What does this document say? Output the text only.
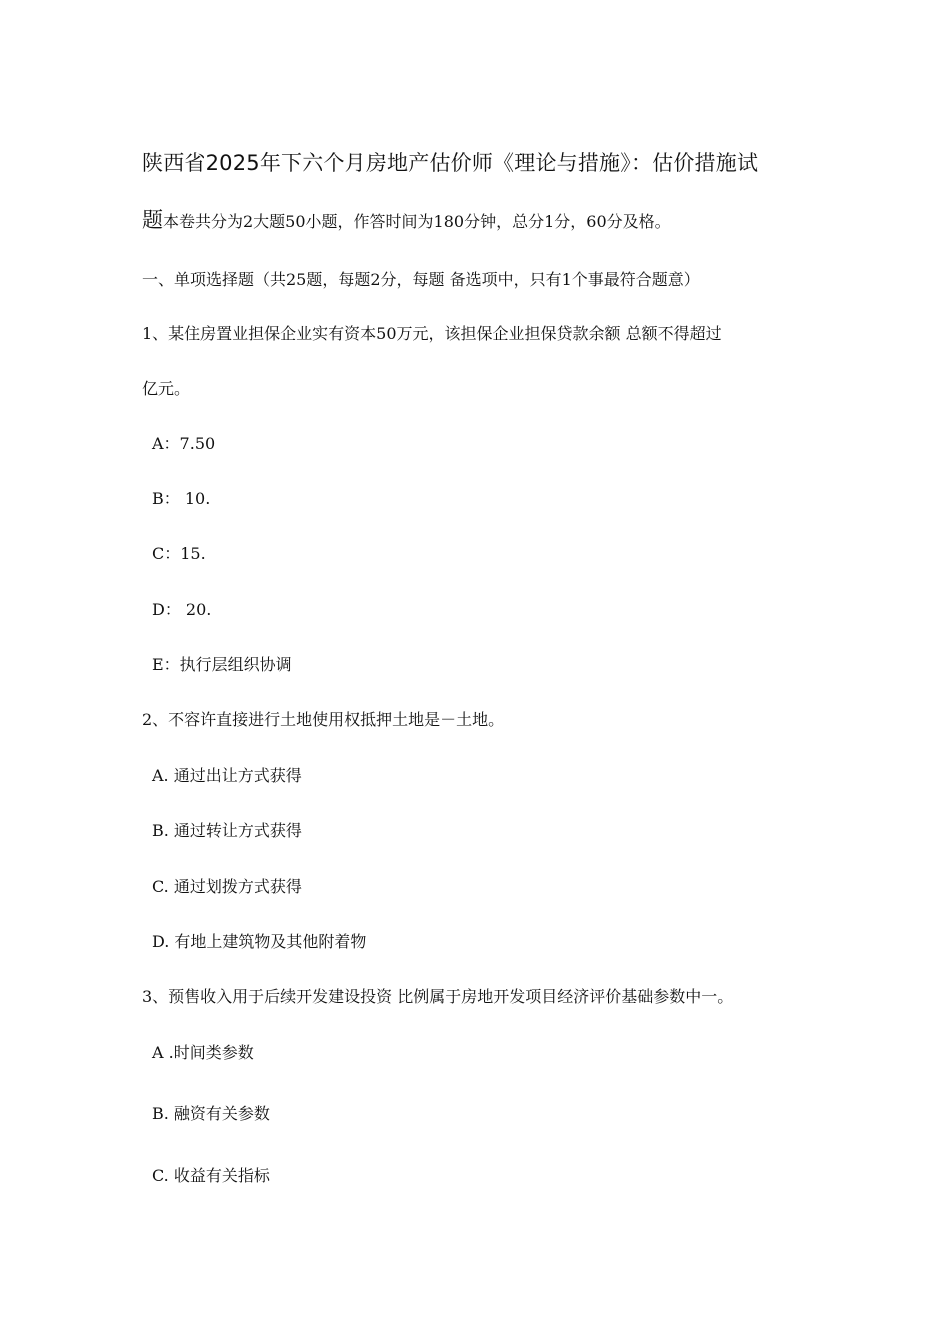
陕西省2025年下六个月房地产估价师《理论与措施》：估价措施试
题本卷共分为2大题50小题，作答时间为180分钟，总分1分，60分及格。
一、单项选择题（共25题，每题2分，每题 备选项中，只有1个事最符合题意）
1、某住房置业担保企业实有资本50万元，该担保企业担保贷款余额 总额不得超过
亿元。
A：7.50
B： 10.
C：15.
D： 20.
E：执行层组织协调
2、不容许直接进行土地使用权抵押土地是－土地。
A. 通过出让方式获得
B. 通过转让方式获得
C. 通过划拨方式获得
D. 有地上建筑物及其他附着物
3、预售收入用于后续开发建设投资 比例属于房地开发项目经济评价基础参数中一。
A .时间类参数
B. 融资有关参数
C. 收益有关指标
